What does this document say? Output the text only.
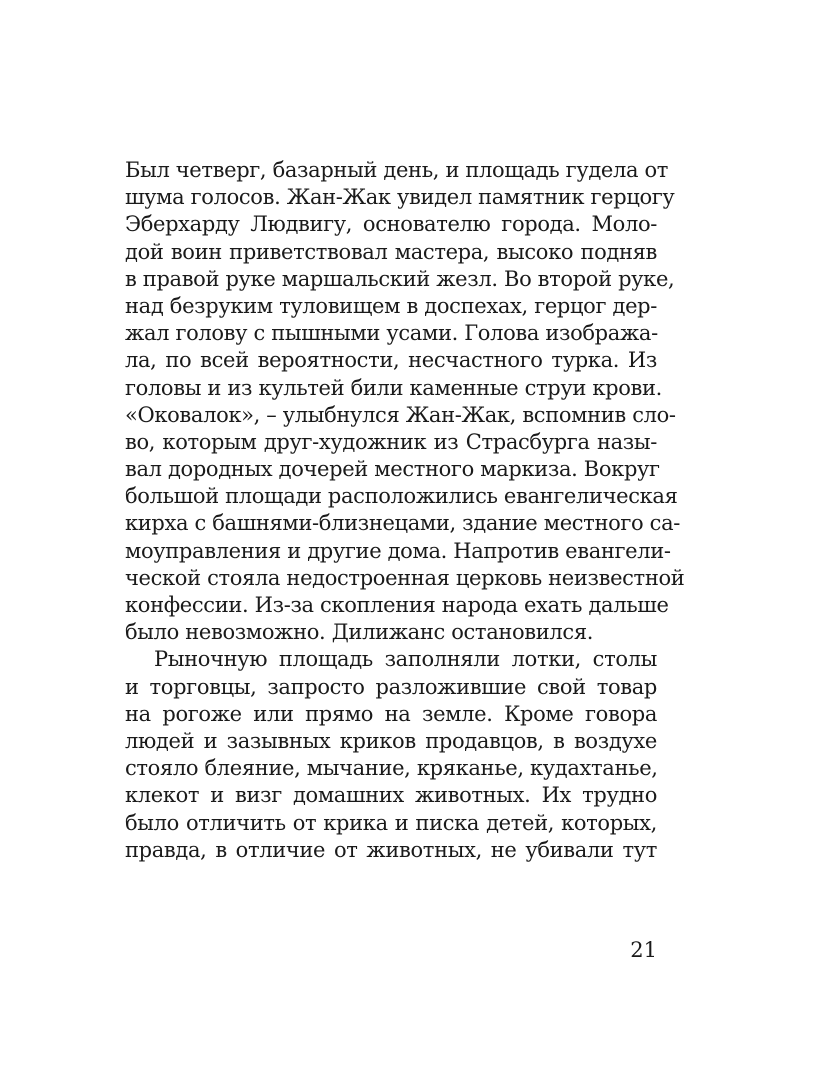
Был четверг, базарный день, и площадь гудела от
шума голосов. Жан-Жак увидел памятник герцогу
Эберхарду Людвигу, основателю города. Моло-
дой воин приветствовал мастера, высоко подняв
в правой руке маршальский жезл. Во второй руке,
над безруким туловищем в доспехах, герцог дер-
жал голову с пышными усами. Голова изобража-
ла, по всей вероятности, несчастного турка. Из
головы и из культей били каменные струи крови.
«Оковалок», – улыбнулся Жан-Жак, вспомнив сло-
во, которым друг-художник из Страсбурга назы-
вал дородных дочерей местного маркиза. Вокруг
большой площади расположились евангелическая
кирха с башнями-близнецами, здание местного са-
моуправления и другие дома. Напротив евангели-
ческой стояла недостроенная церковь неизвестной
конфессии. Из-за скопления народа ехать дальше
было невозможно. Дилижанс остановился.
Рыночную площадь заполняли лотки, столы
и торговцы, запросто разложившие свой товар
на рогоже или прямо на земле. Кроме говора
людей и зазывных криков продавцов, в воздухе
стояло блеяние, мычание, кряканье, кудахтанье,
клекот и визг домашних животных. Их трудно
было отличить от крика и писка детей, которых,
правда, в отличие от животных, не убивали тут
21
